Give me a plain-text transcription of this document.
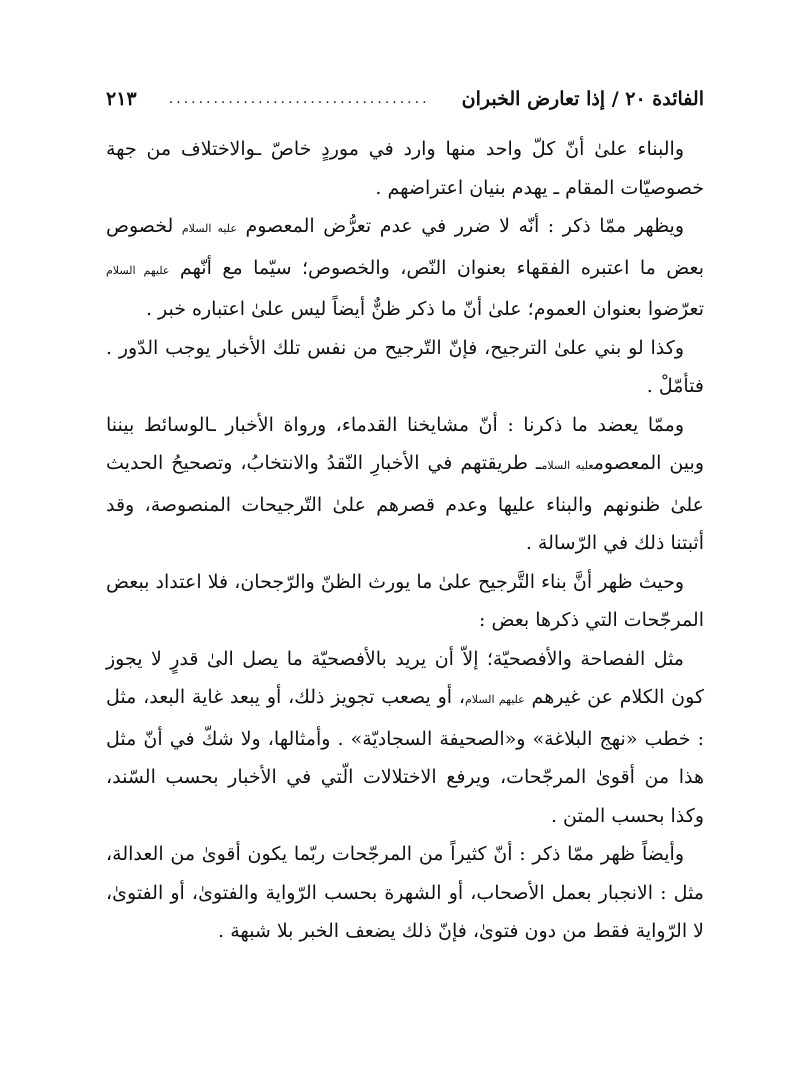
الفائدة ٢٠ / إذا تعارض الخبران
...................................
٢١٣

والبناء علىٰ أنّ كلّ واحد منها وارد في موردٍ خاصّ ـوالاختلاف من جهة خصوصيّات المقام ـ يهدم بنيان اعتراضهم .

ويظهر ممّا ذكر : أنّه لا ضرر في عدم تعرُّض المعصوم عليه السلام لخصوص بعض ما اعتبره الفقهاء بعنوان النّص، والخصوص؛ سيّما مع أنّهم عليهم السلام تعرّضوا بعنوان العموم؛ علىٰ أنّ ما ذكر ظنٌّ أيضاً ليس علىٰ اعتباره خبر .

وكذا لو بني علىٰ الترجيح، فإنّ التّرجيح من نفس تلك الأخبار يوجب الدّور . فتأمّلْ .

وممّا يعضد ما ذكرنا : أنّ مشايخنا القدماء، ورواة الأخبار ـالوسائط بيننا وبين المعصومعليه السلامـ طريقتهم في الأخبارِ النّقدُ والانتخابُ، وتصحيحُ الحديث علىٰ ظنونهم والبناء عليها وعدم قصرهم علىٰ التّرجيحات المنصوصة، وقد أثبتنا ذلك في الرّسالة .

وحيث ظهر أنَّ بناء التَّرجيح علىٰ ما يورث الظنّ والرّجحان، فلا اعتداد ببعض المرجّحات التي ذكرها بعض :

مثل الفصاحة والأفصحيّة؛ إلاّ أن يريد بالأفصحيّة ما يصل الىٰ قدرٍ لا يجوز كون الكلام عن غيرهم عليهم السلام، أو يصعب تجويز ذلك، أو يبعد غاية البعد، مثل : خطب «نهج البلاغة» و«الصحيفة السجاديّة» . وأمثالها، ولا شكّ في أنّ مثل هذا من أقوىٰ المرجّحات، ويرفع الاختلالات الّتي في الأخبار بحسب السّند، وكذا بحسب المتن .

وأيضاً ظهر ممّا ذكر : أنّ كثيراً من المرجّحات ربّما يكون أقوىٰ من العدالة، مثل : الانجبار بعمل الأصحاب، أو الشهرة بحسب الرّواية والفتوىٰ، أو الفتوىٰ، لا الرّواية فقط من دون فتوىٰ، فإنّ ذلك يضعف الخبر بلا شبهة .
